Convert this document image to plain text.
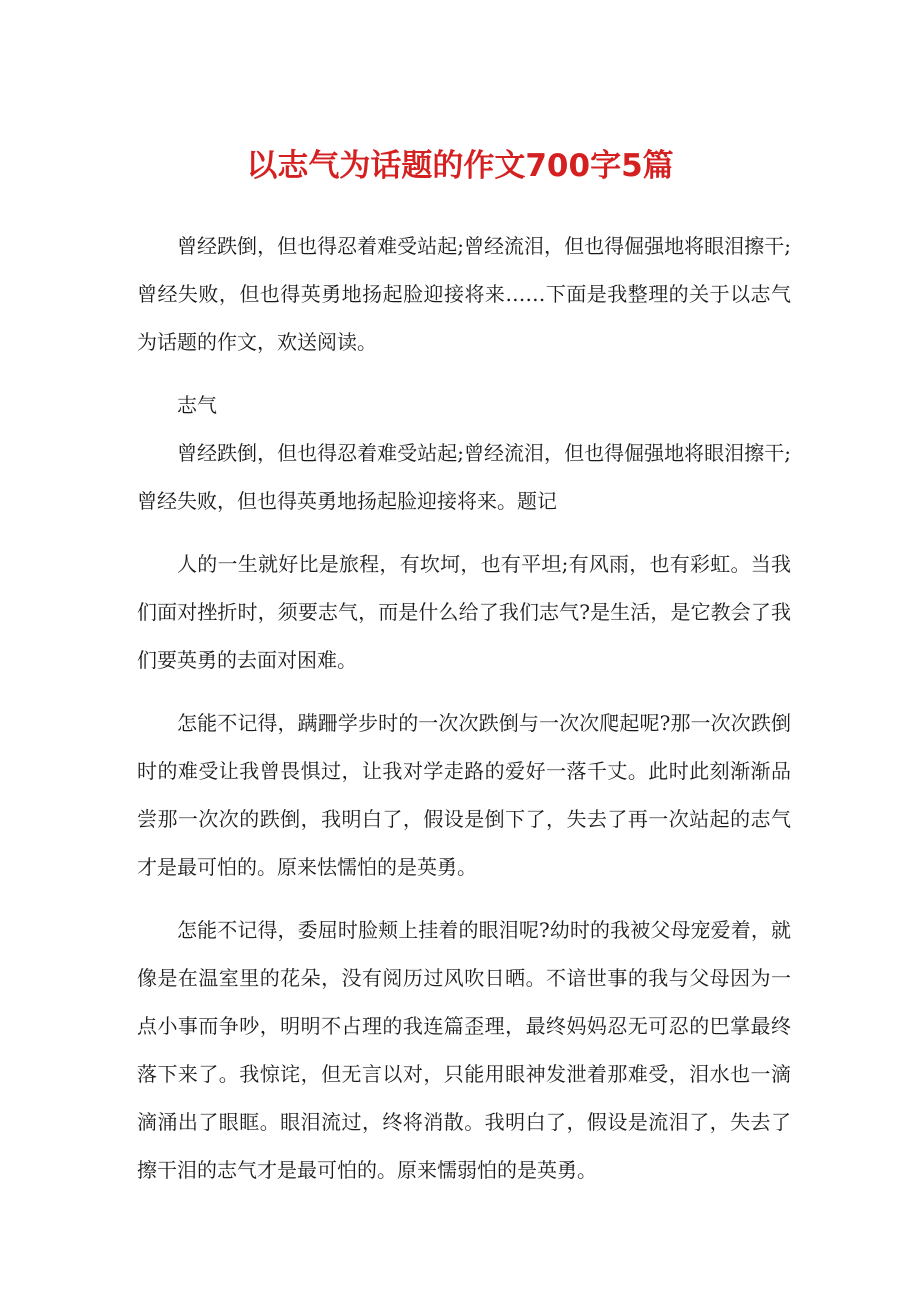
以志气为话题的作文700字5篇

曾经跌倒，但也得忍着难受站起;曾经流泪，但也得倔强地将眼泪擦干;曾经失败，但也得英勇地扬起脸迎接将来……下面是我整理的关于以志气为话题的作文，欢送阅读。

志气

曾经跌倒，但也得忍着难受站起;曾经流泪，但也得倔强地将眼泪擦干;曾经失败，但也得英勇地扬起脸迎接将来。题记

人的一生就好比是旅程，有坎坷，也有平坦;有风雨，也有彩虹。当我们面对挫折时，须要志气，而是什么给了我们志气?是生活，是它教会了我们要英勇的去面对困难。

怎能不记得，蹒跚学步时的一次次跌倒与一次次爬起呢?那一次次跌倒时的难受让我曾畏惧过，让我对学走路的爱好一落千丈。此时此刻渐渐品尝那一次次的跌倒，我明白了，假设是倒下了，失去了再一次站起的志气才是最可怕的。原来怯懦怕的是英勇。

怎能不记得，委屈时脸颊上挂着的眼泪呢?幼时的我被父母宠爱着，就像是在温室里的花朵，没有阅历过风吹日晒。不谙世事的我与父母因为一点小事而争吵，明明不占理的我连篇歪理，最终妈妈忍无可忍的巴掌最终落下来了。我惊诧，但无言以对，只能用眼神发泄着那难受，泪水也一滴滴涌出了眼眶。眼泪流过，终将消散。我明白了，假设是流泪了，失去了擦干泪的志气才是最可怕的。原来懦弱怕的是英勇。
